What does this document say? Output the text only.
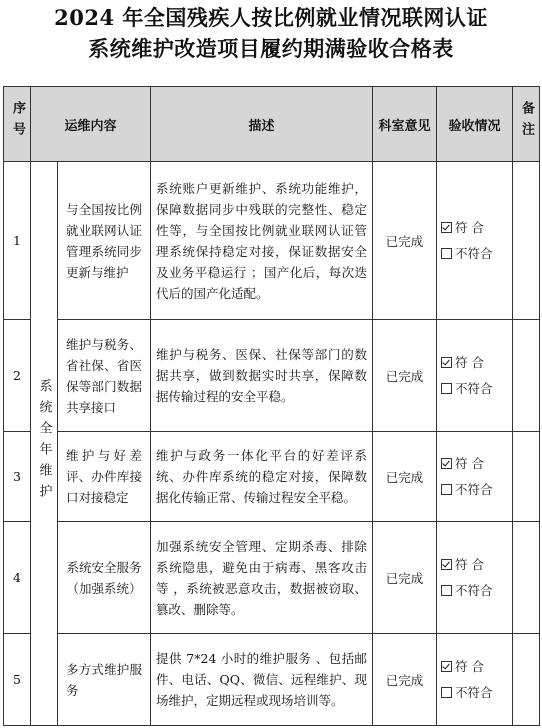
2024 年全国残疾人按比例就业情况联网认证
系统维护改造项目履约期满验收合格表
序号	运维内容		描述	科室意见	验收情况	备注
1	系统全年维护	与全国按比例就业联网认证管理系统同步更新与维护	系统账户更新维护、系统功能维护，保障数据同步中残联的完整性、稳定性等，与全国按比例就业联网认证管 理系统保持稳定对接，保证数据安全及业务平稳运行 ；国产化后，每次迭代后的国产化适配。	已完成	符 合
不符合	

2		维护与税务、省社保、省医保等部门数据共享接口	维护与税务、医保、社保等部门的数据共享，做到数据实时共享，保障数据传输过程的安全平稳。	已完成	符 合
不符合	

3		维护与好差评、办件库接口对接稳定	维护与政务一体化平台的好差评系统、办件库系统的稳定对接，保障数据化传输正常、传输过程安全平稳。	已完成	符 合
不符合	

4		系统安全服务（加强系统）	加强系统安全管理、定期杀毒、排除 系统隐患，避免由于病毒、黑客攻击等 ，系统被恶意攻击，数据被窃取、 篡改、删除等。	已完成	符 合
不符合	

5		多方式维护服务	提供 7*24 小时的维护服务 、包括邮件、电话、QQ、微信、远程维护、现 场维护，定期远程或现场培训等。	已完成	符 合
不符合	
